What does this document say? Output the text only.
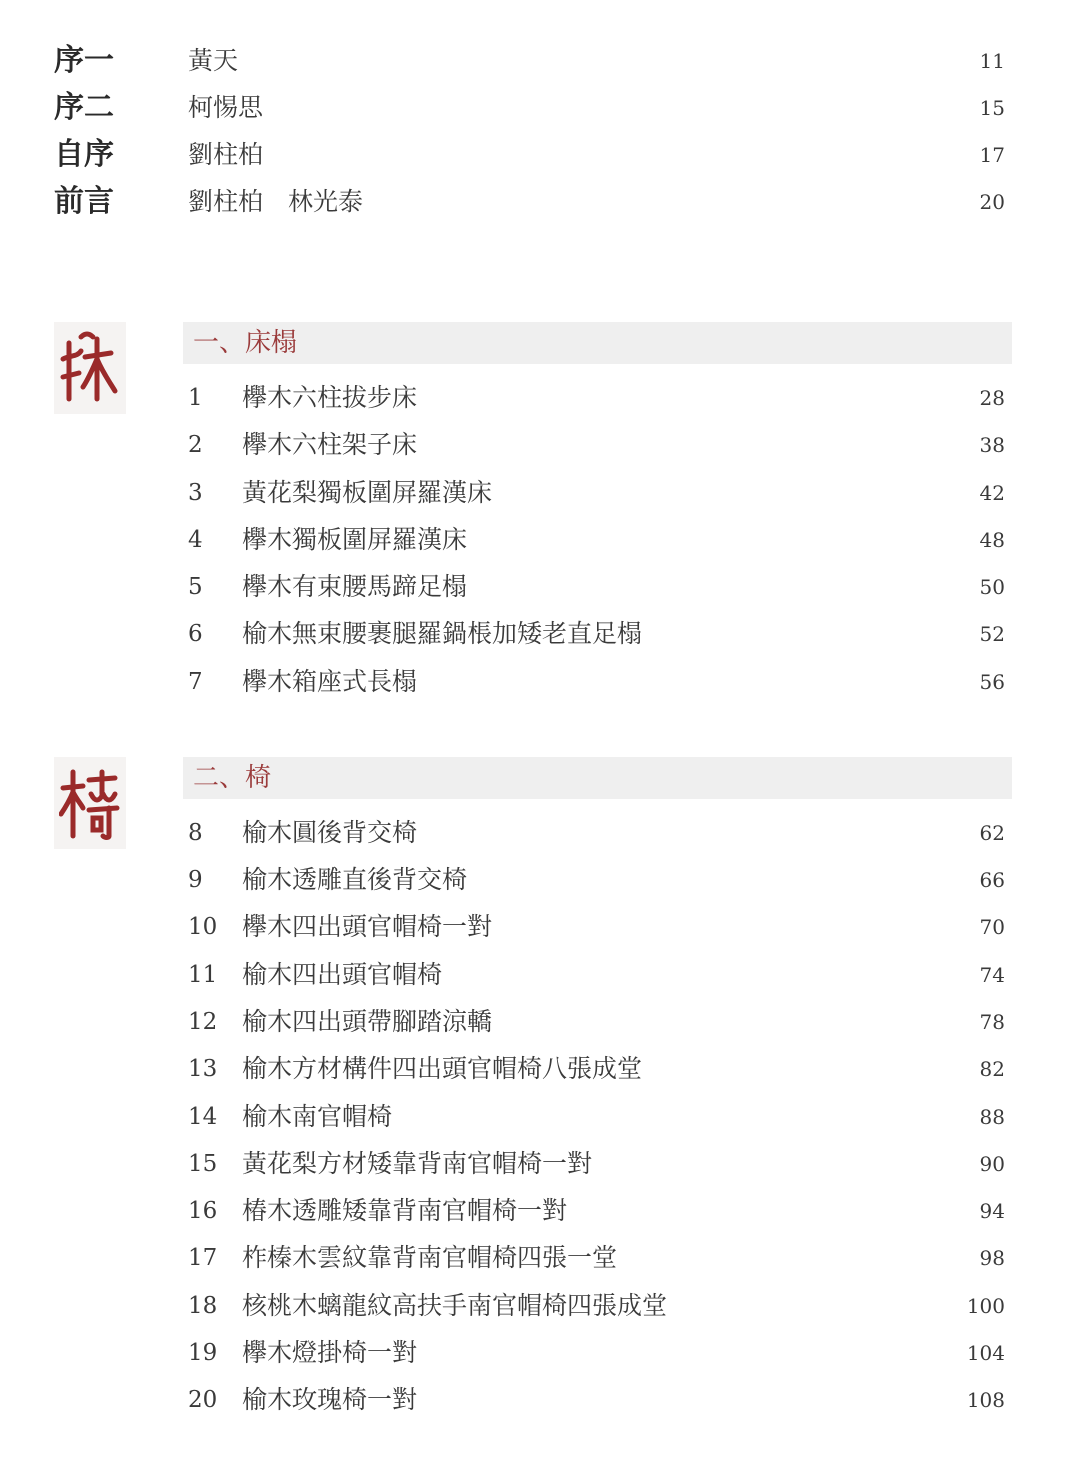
序一	黃天	11
序二	柯惕思	15
自序	劉柱柏	17
前言	劉柱柏　林光泰	20
一、床榻
1 欅木六柱拔步床	28
2 欅木六柱架子床	38
3 黃花梨獨板圍屏羅漢床	42
4 欅木獨板圍屏羅漢床	48
5 欅木有束腰馬蹄足榻	50
6 榆木無束腰裹腿羅鍋棖加矮老直足榻	52
7 欅木箱座式長榻	56
二、椅
8 榆木圓後背交椅	62
9 榆木透雕直後背交椅	66
10 欅木四出頭官帽椅一對	70
11 榆木四出頭官帽椅	74
12 榆木四出頭帶腳踏涼轎	78
13 榆木方材構件四出頭官帽椅八張成堂	82
14 榆木南官帽椅	88
15 黃花梨方材矮靠背南官帽椅一對	90
16 椿木透雕矮靠背南官帽椅一對	94
17 柞榛木雲紋靠背南官帽椅四張一堂	98
18 核桃木螭龍紋高扶手南官帽椅四張成堂	100
19 欅木燈掛椅一對	104
20 榆木玫瑰椅一對	108
